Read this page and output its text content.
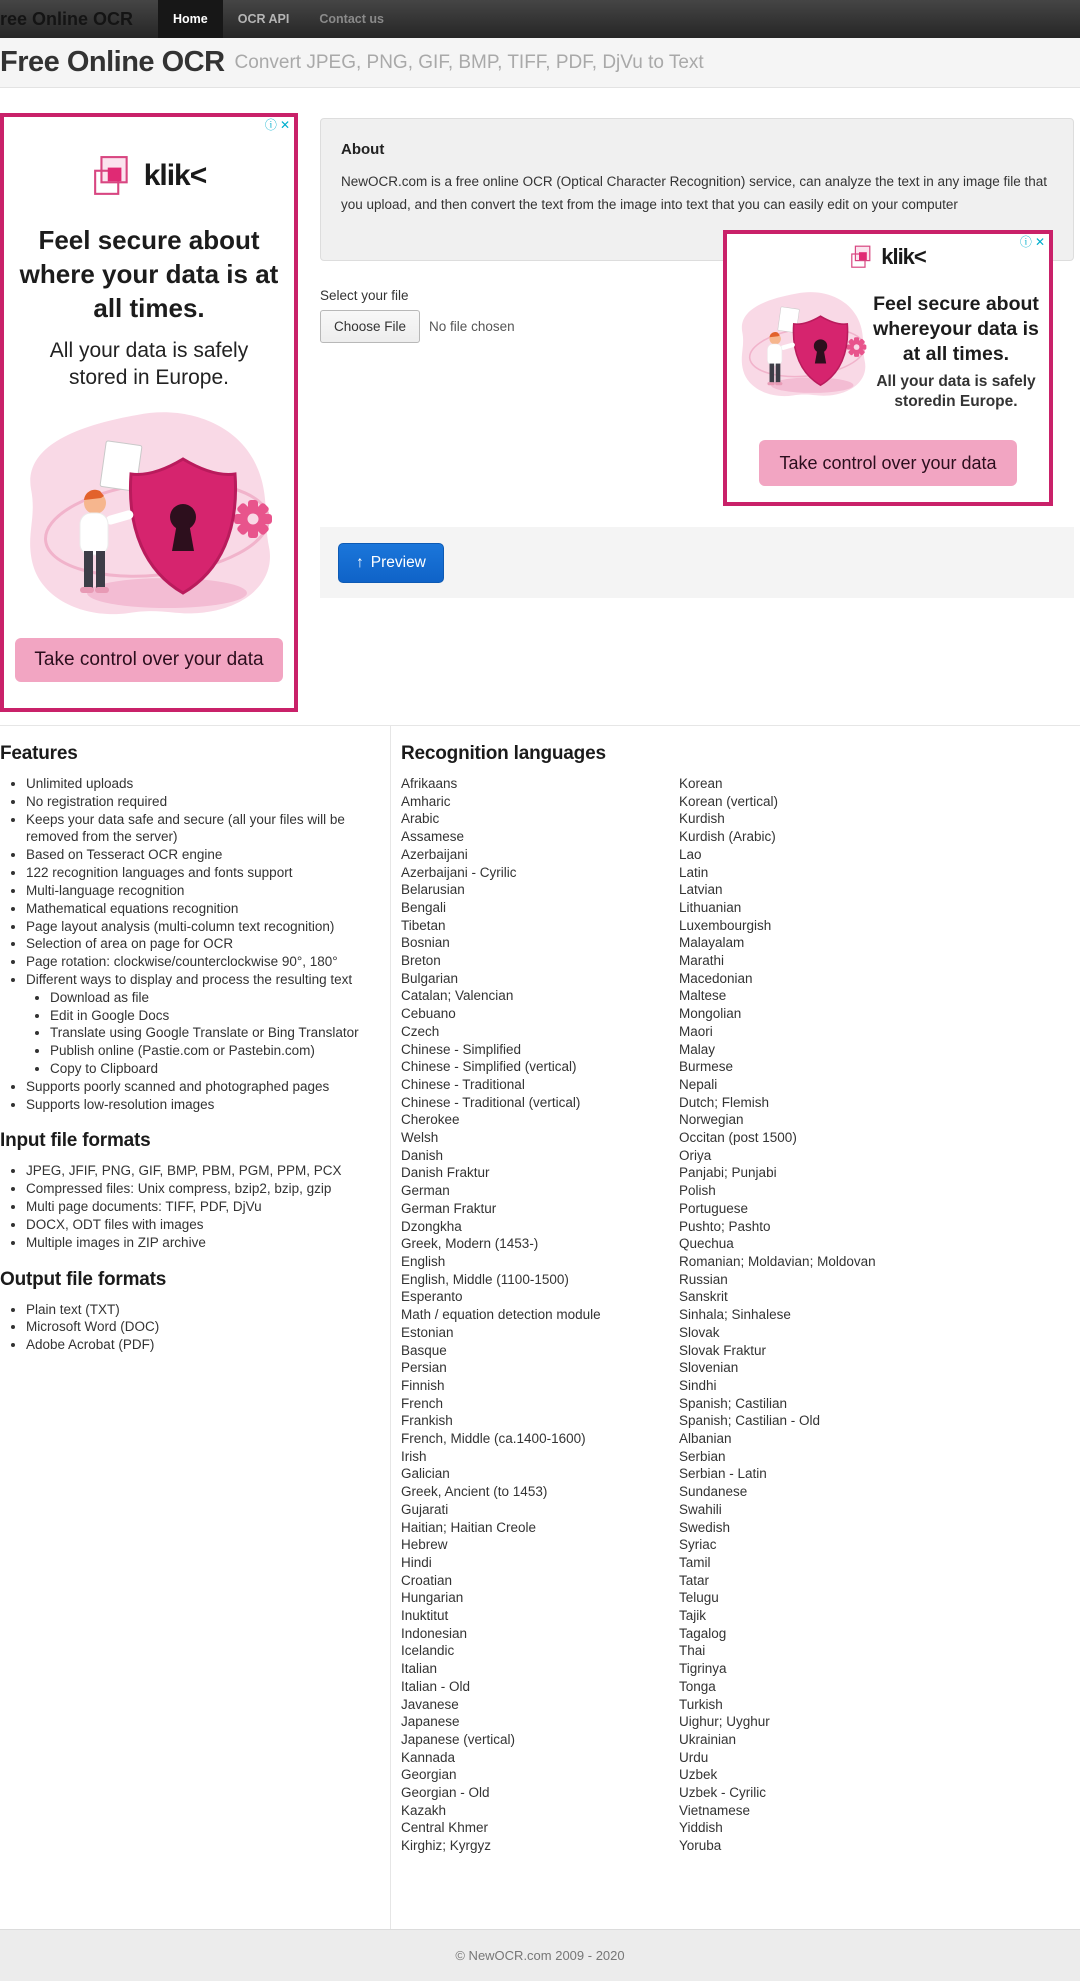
ree Online OCR	Home	OCR API	Contact us
Free Online OCR Convert JPEG, PNG, GIF, BMP, TIFF, PDF, DjVu to Text
ⓘ ✕
klik<
Feel secure about where your data is at all times.
All your data is safely stored in Europe.
Take control over your data
About
NewOCR.com is a free online OCR (Optical Character Recognition) service, can analyze the text in any image file that you upload, and then convert the text from the image into text that you can easily edit on your computer
Select your file
Choose File	No file chosen
ⓘ ✕
klik<
Feel secure about whereyour data is at all times.
All your data is safely storedin Europe.
Take control over your data
↑ Preview
Features
• Unlimited uploads
• No registration required
• Keeps your data safe and secure (all your files will be removed from the server)
• Based on Tesseract OCR engine
• 122 recognition languages and fonts support
• Multi-language recognition
• Mathematical equations recognition
• Page layout analysis (multi-column text recognition)
• Selection of area on page for OCR
• Page rotation: clockwise/counterclockwise 90°, 180°
• Different ways to display and process the resulting text
• Download as file
• Edit in Google Docs
• Translate using Google Translate or Bing Translator
• Publish online (Pastie.com or Pastebin.com)
• Copy to Clipboard
• Supports poorly scanned and photographed pages
• Supports low-resolution images
Input file formats
• JPEG, JFIF, PNG, GIF, BMP, PBM, PGM, PPM, PCX
• Compressed files: Unix compress, bzip2, bzip, gzip
• Multi page documents: TIFF, PDF, DjVu
• DOCX, ODT files with images
• Multiple images in ZIP archive
Output file formats
• Plain text (TXT)
• Microsoft Word (DOC)
• Adobe Acrobat (PDF)
Recognition languages
Afrikaans
Amharic
Arabic
Assamese
Azerbaijani
Azerbaijani - Cyrilic
Belarusian
Bengali
Tibetan
Bosnian
Breton
Bulgarian
Catalan; Valencian
Cebuano
Czech
Chinese - Simplified
Chinese - Simplified (vertical)
Chinese - Traditional
Chinese - Traditional (vertical)
Cherokee
Welsh
Danish
Danish Fraktur
German
German Fraktur
Dzongkha
Greek, Modern (1453-)
English
English, Middle (1100-1500)
Esperanto
Math / equation detection module
Estonian
Basque
Persian
Finnish
French
Frankish
French, Middle (ca.1400-1600)
Irish
Galician
Greek, Ancient (to 1453)
Gujarati
Haitian; Haitian Creole
Hebrew
Hindi
Croatian
Hungarian
Inuktitut
Indonesian
Icelandic
Italian
Italian - Old
Javanese
Japanese
Japanese (vertical)
Kannada
Georgian
Georgian - Old
Kazakh
Central Khmer
Kirghiz; Kyrgyz
Korean
Korean (vertical)
Kurdish
Kurdish (Arabic)
Lao
Latin
Latvian
Lithuanian
Luxembourgish
Malayalam
Marathi
Macedonian
Maltese
Mongolian
Maori
Malay
Burmese
Nepali
Dutch; Flemish
Norwegian
Occitan (post 1500)
Oriya
Panjabi; Punjabi
Polish
Portuguese
Pushto; Pashto
Quechua
Romanian; Moldavian; Moldovan
Russian
Sanskrit
Sinhala; Sinhalese
Slovak
Slovak Fraktur
Slovenian
Sindhi
Spanish; Castilian
Spanish; Castilian - Old
Albanian
Serbian
Serbian - Latin
Sundanese
Swahili
Swedish
Syriac
Tamil
Tatar
Telugu
Tajik
Tagalog
Thai
Tigrinya
Tonga
Turkish
Uighur; Uyghur
Ukrainian
Urdu
Uzbek
Uzbek - Cyrilic
Vietnamese
Yiddish
Yoruba
© NewOCR.com 2009 - 2020
